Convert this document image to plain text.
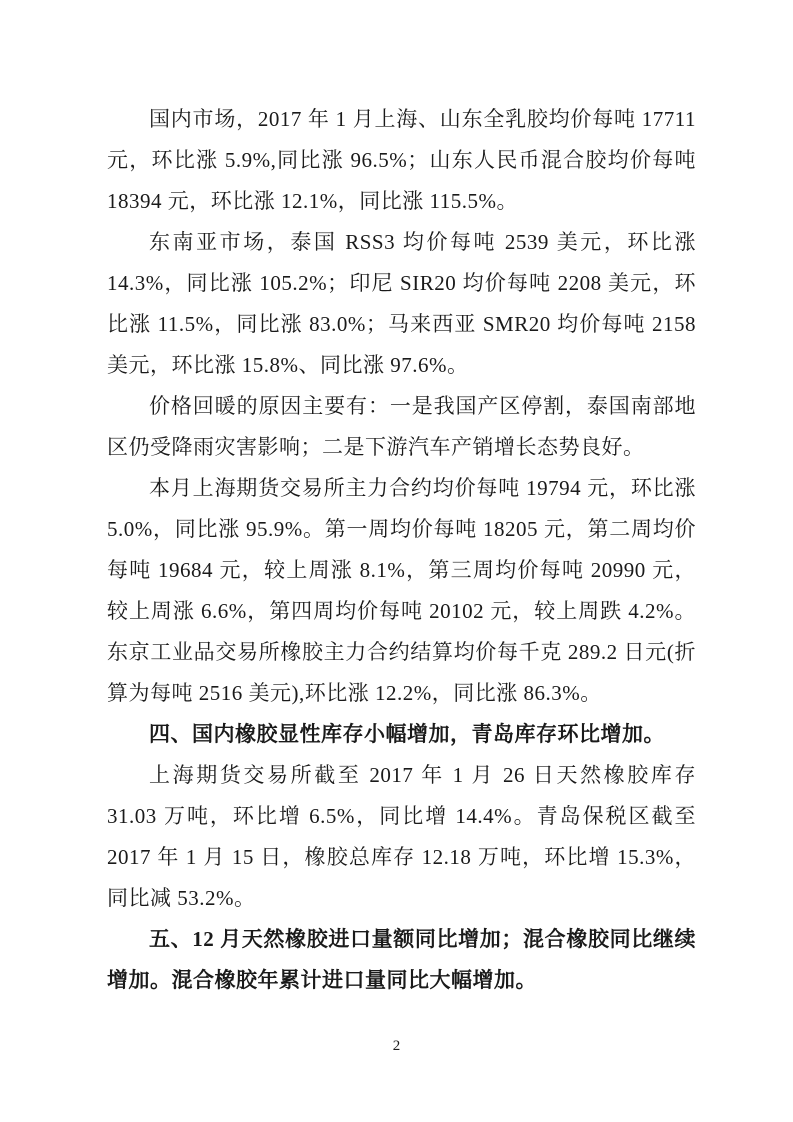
国内市场，2017 年 1 月上海、山东全乳胶均价每吨 17711 元，环比涨 5.9%,同比涨 96.5%；山东人民币混合胶均价每吨 18394 元，环比涨 12.1%，同比涨 115.5%。

东南亚市场，泰国 RSS3 均价每吨 2539 美元，环比涨 14.3%，同比涨 105.2%；印尼 SIR20 均价每吨 2208 美元，环比涨 11.5%，同比涨 83.0%；马来西亚 SMR20 均价每吨 2158 美元，环比涨 15.8%、同比涨 97.6%。

价格回暖的原因主要有：一是我国产区停割，泰国南部地区仍受降雨灾害影响；二是下游汽车产销增长态势良好。

本月上海期货交易所主力合约均价每吨 19794 元，环比涨 5.0%，同比涨 95.9%。第一周均价每吨 18205 元，第二周均价每吨 19684 元，较上周涨 8.1%，第三周均价每吨 20990 元，较上周涨 6.6%，第四周均价每吨 20102 元，较上周跌 4.2%。东京工业品交易所橡胶主力合约结算均价每千克 289.2 日元(折算为每吨 2516 美元),环比涨 12.2%，同比涨 86.3%。

四、国内橡胶显性库存小幅增加，青岛库存环比增加。

上海期货交易所截至 2017 年 1 月 26 日天然橡胶库存 31.03 万吨，环比增 6.5%，同比增 14.4%。青岛保税区截至 2017 年 1 月 15 日，橡胶总库存 12.18 万吨，环比增 15.3%，同比减 53.2%。

五、12 月天然橡胶进口量额同比增加；混合橡胶同比继续增加。混合橡胶年累计进口量同比大幅增加。

2
